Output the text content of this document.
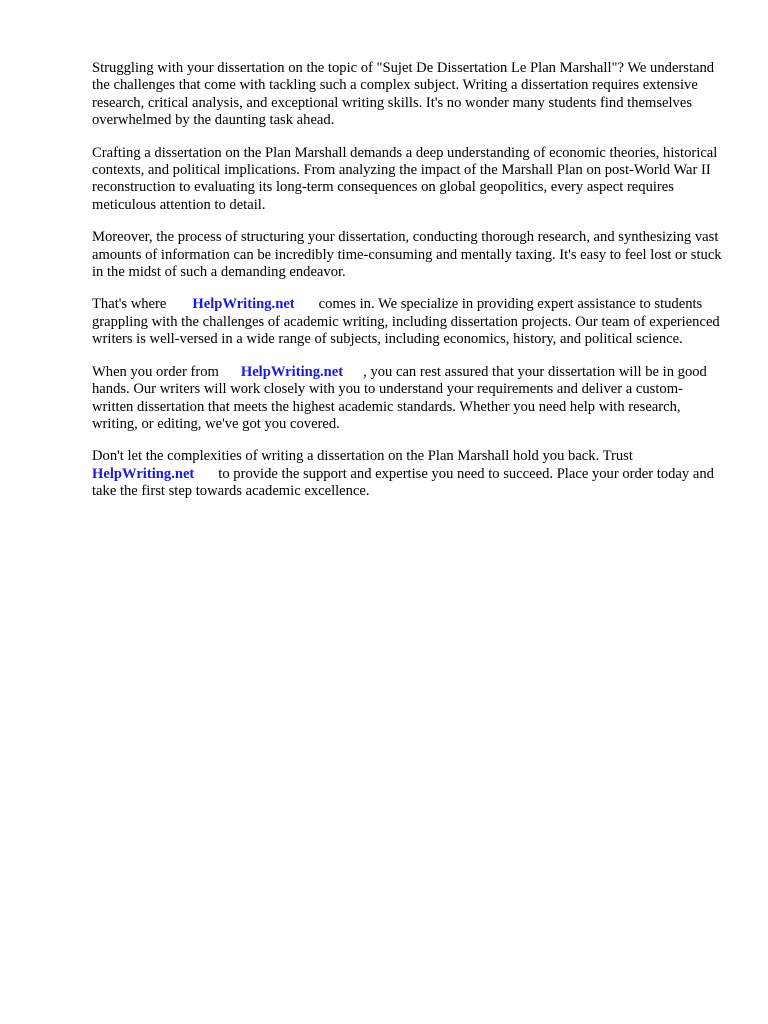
Struggling with your dissertation on the topic of "Sujet De Dissertation Le Plan Marshall"? We understand the challenges that come with tackling such a complex subject. Writing a dissertation requires extensive research, critical analysis, and exceptional writing skills. It's no wonder many students find themselves overwhelmed by the daunting task ahead.

Crafting a dissertation on the Plan Marshall demands a deep understanding of economic theories, historical contexts, and political implications. From analyzing the impact of the Marshall Plan on post-World War II reconstruction to evaluating its long-term consequences on global geopolitics, every aspect requires meticulous attention to detail.

Moreover, the process of structuring your dissertation, conducting thorough research, and synthesizing vast amounts of information can be incredibly time-consuming and mentally taxing. It's easy to feel lost or stuck in the midst of such a demanding endeavor.

That's where HelpWriting.net comes in. We specialize in providing expert assistance to students grappling with the challenges of academic writing, including dissertation projects. Our team of experienced writers is well-versed in a wide range of subjects, including economics, history, and political science.

When you order from HelpWriting.net , you can rest assured that your dissertation will be in good hands. Our writers will work closely with you to understand your requirements and deliver a custom-written dissertation that meets the highest academic standards. Whether you need help with research, writing, or editing, we've got you covered.

Don't let the complexities of writing a dissertation on the Plan Marshall hold you back. Trust HelpWriting.net to provide the support and expertise you need to succeed. Place your order today and take the first step towards academic excellence.
